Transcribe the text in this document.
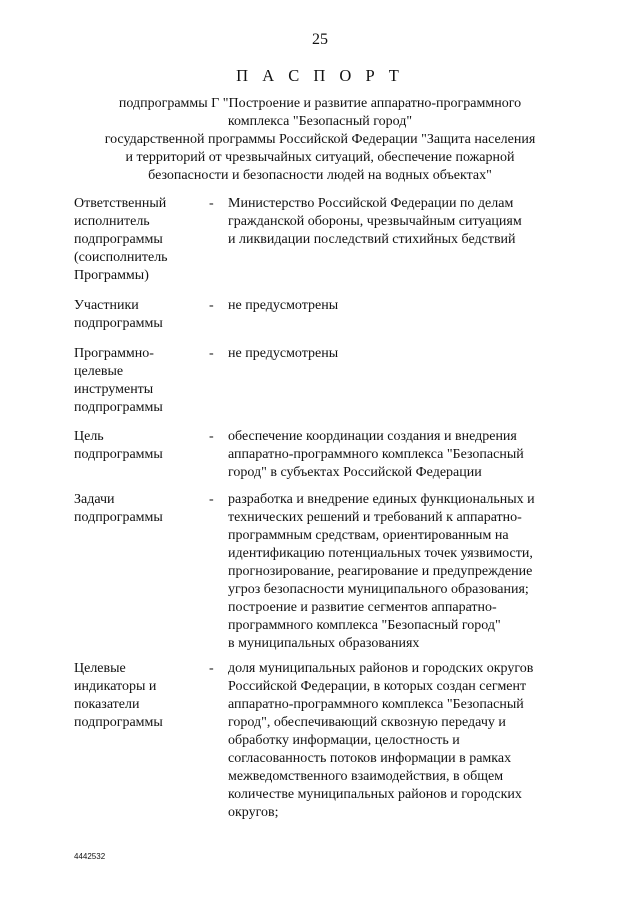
25
П А С П О Р Т
подпрограммы Г "Построение и развитие аппаратно-программного
комплекса "Безопасный город"
государственной программы Российской Федерации "Защита населения
и территорий от чрезвычайных ситуаций, обеспечение пожарной
безопасности и безопасности людей на водных объектах"
Ответственный
исполнитель
подпрограммы
(соисполнитель
Программы)
- Министерство Российской Федерации по делам
гражданской обороны, чрезвычайным ситуациям
и ликвидации последствий стихийных бедствий
Участники
подпрограммы
- не предусмотрены
Программно-
целевые
инструменты
подпрограммы
- не предусмотрены
Цель
подпрограммы
- обеспечение координации создания и внедрения
аппаратно-программного комплекса "Безопасный
город" в субъектах Российской Федерации
Задачи
подпрограммы
- разработка и внедрение единых функциональных и
технических решений и требований к аппаратно-
программным средствам, ориентированным на
идентификацию потенциальных точек уязвимости,
прогнозирование, реагирование и предупреждение
угроз безопасности муниципального образования;
построение и развитие сегментов аппаратно-
программного комплекса "Безопасный город"
в муниципальных образованиях
Целевые
индикаторы и
показатели
подпрограммы
- доля муниципальных районов и городских округов
Российской Федерации, в которых создан сегмент
аппаратно-программного комплекса "Безопасный
город", обеспечивающий сквозную передачу и
обработку информации, целостность и
согласованность потоков информации в рамках
межведомственного взаимодействия, в общем
количестве муниципальных районов и городских
округов;
4442532
